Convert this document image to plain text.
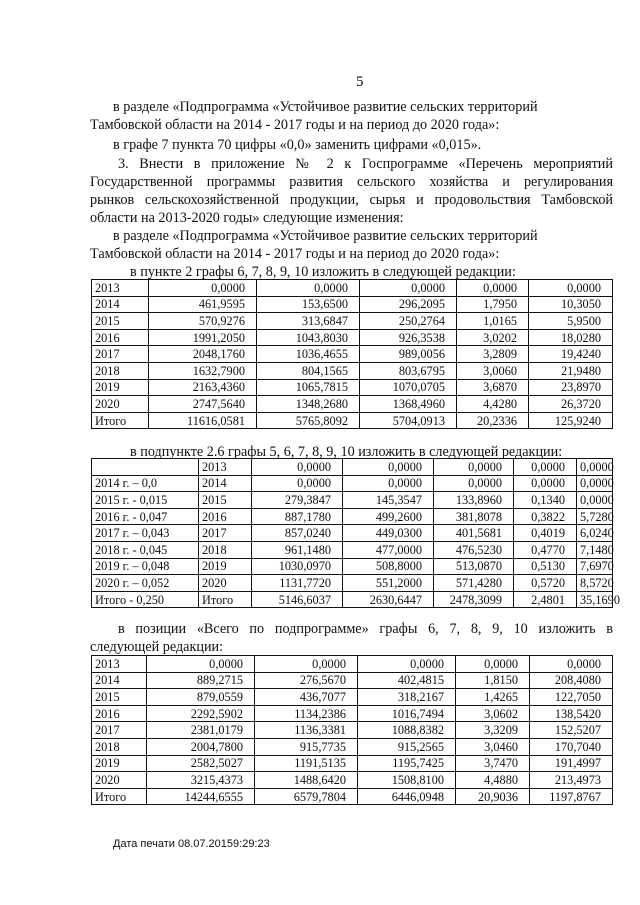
5
в разделе «Подпрограмма «Устойчивое развитие сельских территорий
Тамбовской области на 2014 - 2017 годы и на период до 2020 года»:
в графе 7 пункта 70 цифры «0,0» заменить цифрами «0,015».
3. Внести в приложение № 2 к Госпрограмме «Перечень мероприятий
Государственной программы развития сельского хозяйства и регулирования
рынков сельскохозяйственной продукции, сырья и продовольствия Тамбовской
области на 2013-2020 годы» следующие изменения:
в разделе «Подпрограмма «Устойчивое развитие сельских территорий
Тамбовской области на 2014 - 2017 годы и на период до 2020 года»:
в пункте 2 графы 6, 7, 8, 9, 10 изложить в следующей редакции:
2013	0,0000	0,0000	0,0000	0,0000	0,0000
2014	461,9595	153,6500	296,2095	1,7950	10,3050
2015	570,9276	313,6847	250,2764	1,0165	5,9500
2016	1991,2050	1043,8030	926,3538	3,0202	18,0280
2017	2048,1760	1036,4655	989,0056	3,2809	19,4240
2018	1632,7900	804,1565	803,6795	3,0060	21,9480
2019	2163,4360	1065,7815	1070,0705	3,6870	23,8970
2020	2747,5640	1348,2680	1368,4960	4,4280	26,3720
Итого	11616,0581	5765,8092	5704,0913	20,2336	125,9240
в подпункте 2.6 графы 5, 6, 7, 8, 9, 10 изложить в следующей редакции:
	2013	0,0000	0,0000	0,0000	0,0000	0,0000
2014 г. – 0,0	2014	0,0000	0,0000	0,0000	0,0000	0,0000
2015 г. - 0,015	2015	279,3847	145,3547	133,8960	0,1340	0,0000
2016 г. - 0,047	2016	887,1780	499,2600	381,8078	0,3822	5,7280
2017 г. – 0,043	2017	857,0240	449,0300	401,5681	0,4019	6,0240
2018 г. - 0,045	2018	961,1480	477,0000	476,5230	0,4770	7,1480
2019 г. – 0,048	2019	1030,0970	508,8000	513,0870	0,5130	7,6970
2020 г. – 0,052	2020	1131,7720	551,2000	571,4280	0,5720	8,5720
Итого - 0,250	Итого	5146,6037	2630,6447	2478,3099	2,4801	35,1690
в позиции «Всего по подпрограмме» графы 6, 7, 8, 9, 10 изложить в
следующей редакции:
2013	0,0000	0,0000	0,0000	0,0000	0,0000
2014	889,2715	276,5670	402,4815	1,8150	208,4080
2015	879,0559	436,7077	318,2167	1,4265	122,7050
2016	2292,5902	1134,2386	1016,7494	3,0602	138,5420
2017	2381,0179	1136,3381	1088,8382	3,3209	152,5207
2018	2004,7800	915,7735	915,2565	3,0460	170,7040
2019	2582,5027	1191,5135	1195,7425	3,7470	191,4997
2020	3215,4373	1488,6420	1508,8100	4,4880	213,4973
Итого	14244,6555	6579,7804	6446,0948	20,9036	1197,8767
Дата печати 08.07.20159:29:23
